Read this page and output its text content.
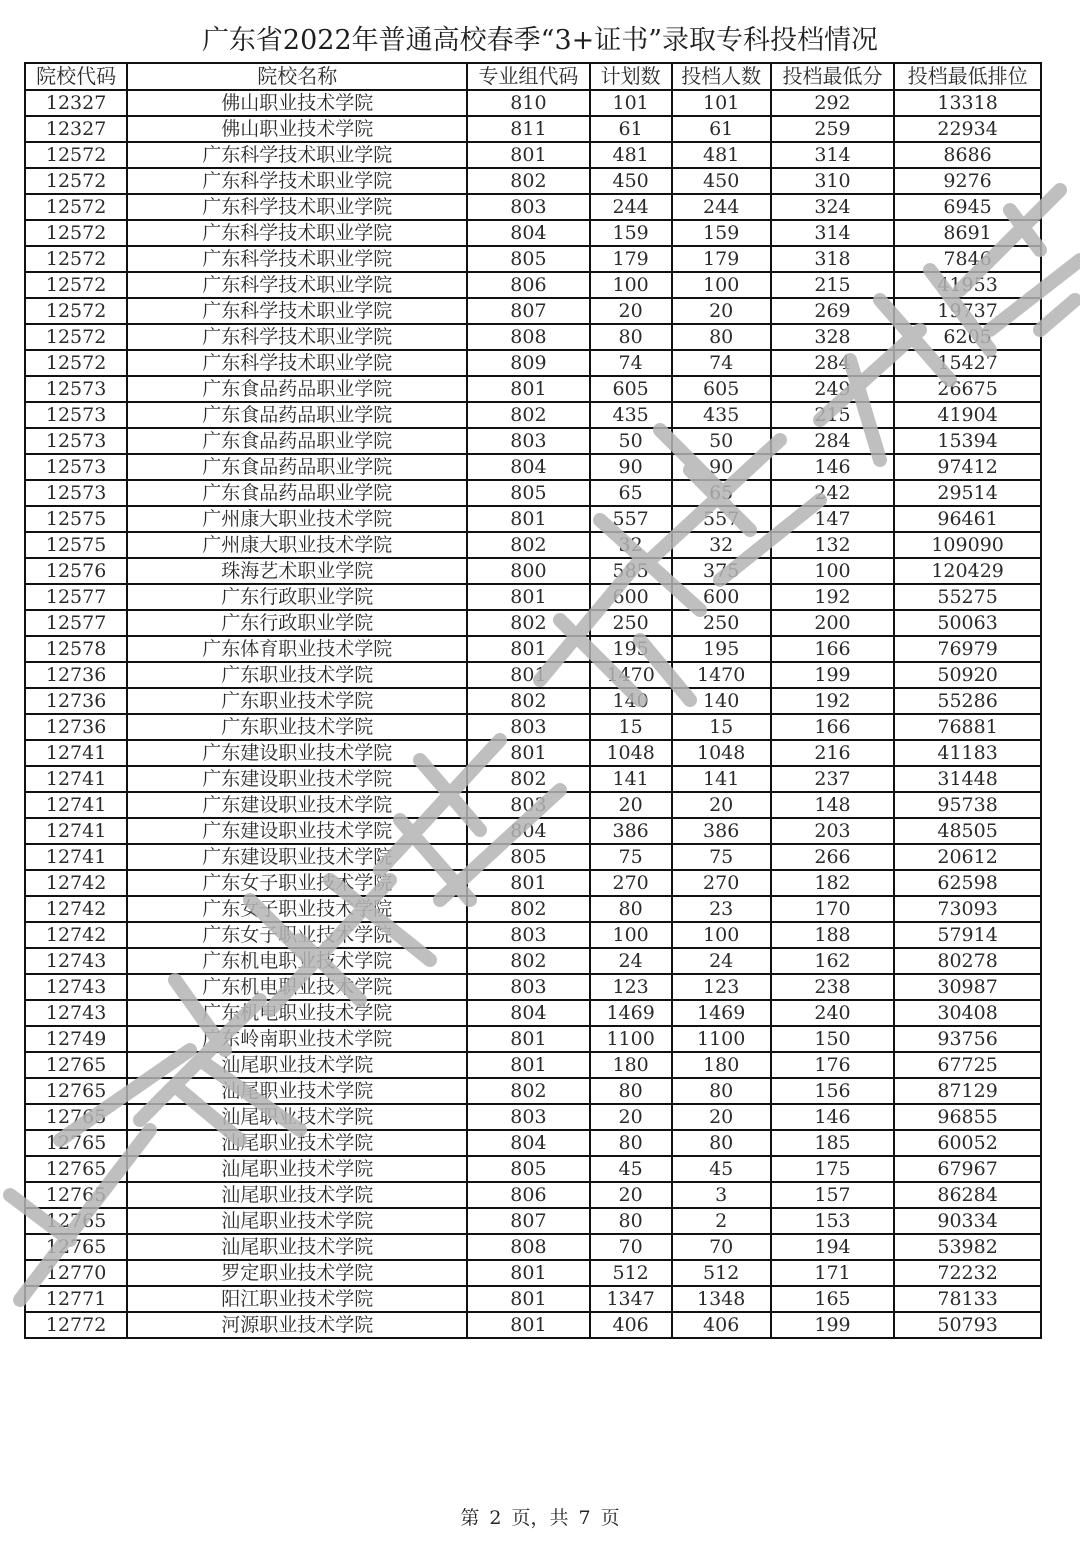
广东省2022年普通高校春季“3+证书”录取专科投档情况
院校代码	院校名称	专业组代码	计划数	投档人数	投档最低分	投档最低排位
12327	佛山职业技术学院	810	101	101	292	13318
12327	佛山职业技术学院	811	61	61	259	22934
12572	广东科学技术职业学院	801	481	481	314	8686
12572	广东科学技术职业学院	802	450	450	310	9276
12572	广东科学技术职业学院	803	244	244	324	6945
12572	广东科学技术职业学院	804	159	159	314	8691
12572	广东科学技术职业学院	805	179	179	318	7846
12572	广东科学技术职业学院	806	100	100	215	41953
12572	广东科学技术职业学院	807	20	20	269	19737
12572	广东科学技术职业学院	808	80	80	328	6205
12572	广东科学技术职业学院	809	74	74	284	15427
12573	广东食品药品职业学院	801	605	605	249	26675
12573	广东食品药品职业学院	802	435	435	215	41904
12573	广东食品药品职业学院	803	50	50	284	15394
12573	广东食品药品职业学院	804	90	90	146	97412
12573	广东食品药品职业学院	805	65	65	242	29514
12575	广州康大职业技术学院	801	557	557	147	96461
12575	广州康大职业技术学院	802	32	32	132	109090
12576	珠海艺术职业学院	800	585	375	100	120429
12577	广东行政职业学院	801	600	600	192	55275
12577	广东行政职业学院	802	250	250	200	50063
12578	广东体育职业技术学院	801	195	195	166	76979
12736	广东职业技术学院	801	1470	1470	199	50920
12736	广东职业技术学院	802	140	140	192	55286
12736	广东职业技术学院	803	15	15	166	76881
12741	广东建设职业技术学院	801	1048	1048	216	41183
12741	广东建设职业技术学院	802	141	141	237	31448
12741	广东建设职业技术学院	803	20	20	148	95738
12741	广东建设职业技术学院	804	386	386	203	48505
12741	广东建设职业技术学院	805	75	75	266	20612
12742	广东女子职业技术学院	801	270	270	182	62598
12742	广东女子职业技术学院	802	80	23	170	73093
12742	广东女子职业技术学院	803	100	100	188	57914
12743	广东机电职业技术学院	802	24	24	162	80278
12743	广东机电职业技术学院	803	123	123	238	30987
12743	广东机电职业技术学院	804	1469	1469	240	30408
12749	广东岭南职业技术学院	801	1100	1100	150	93756
12765	汕尾职业技术学院	801	180	180	176	67725
12765	汕尾职业技术学院	802	80	80	156	87129
12765	汕尾职业技术学院	803	20	20	146	96855
12765	汕尾职业技术学院	804	80	80	185	60052
12765	汕尾职业技术学院	805	45	45	175	67967
12765	汕尾职业技术学院	806	20	3	157	86284
12765	汕尾职业技术学院	807	80	2	153	90334
12765	汕尾职业技术学院	808	70	70	194	53982
12770	罗定职业技术学院	801	512	512	171	72232
12771	阳江职业技术学院	801	1347	1348	165	78133
12772	河源职业技术学院	801	406	406	199	50793
第 2 页，共 7 页
